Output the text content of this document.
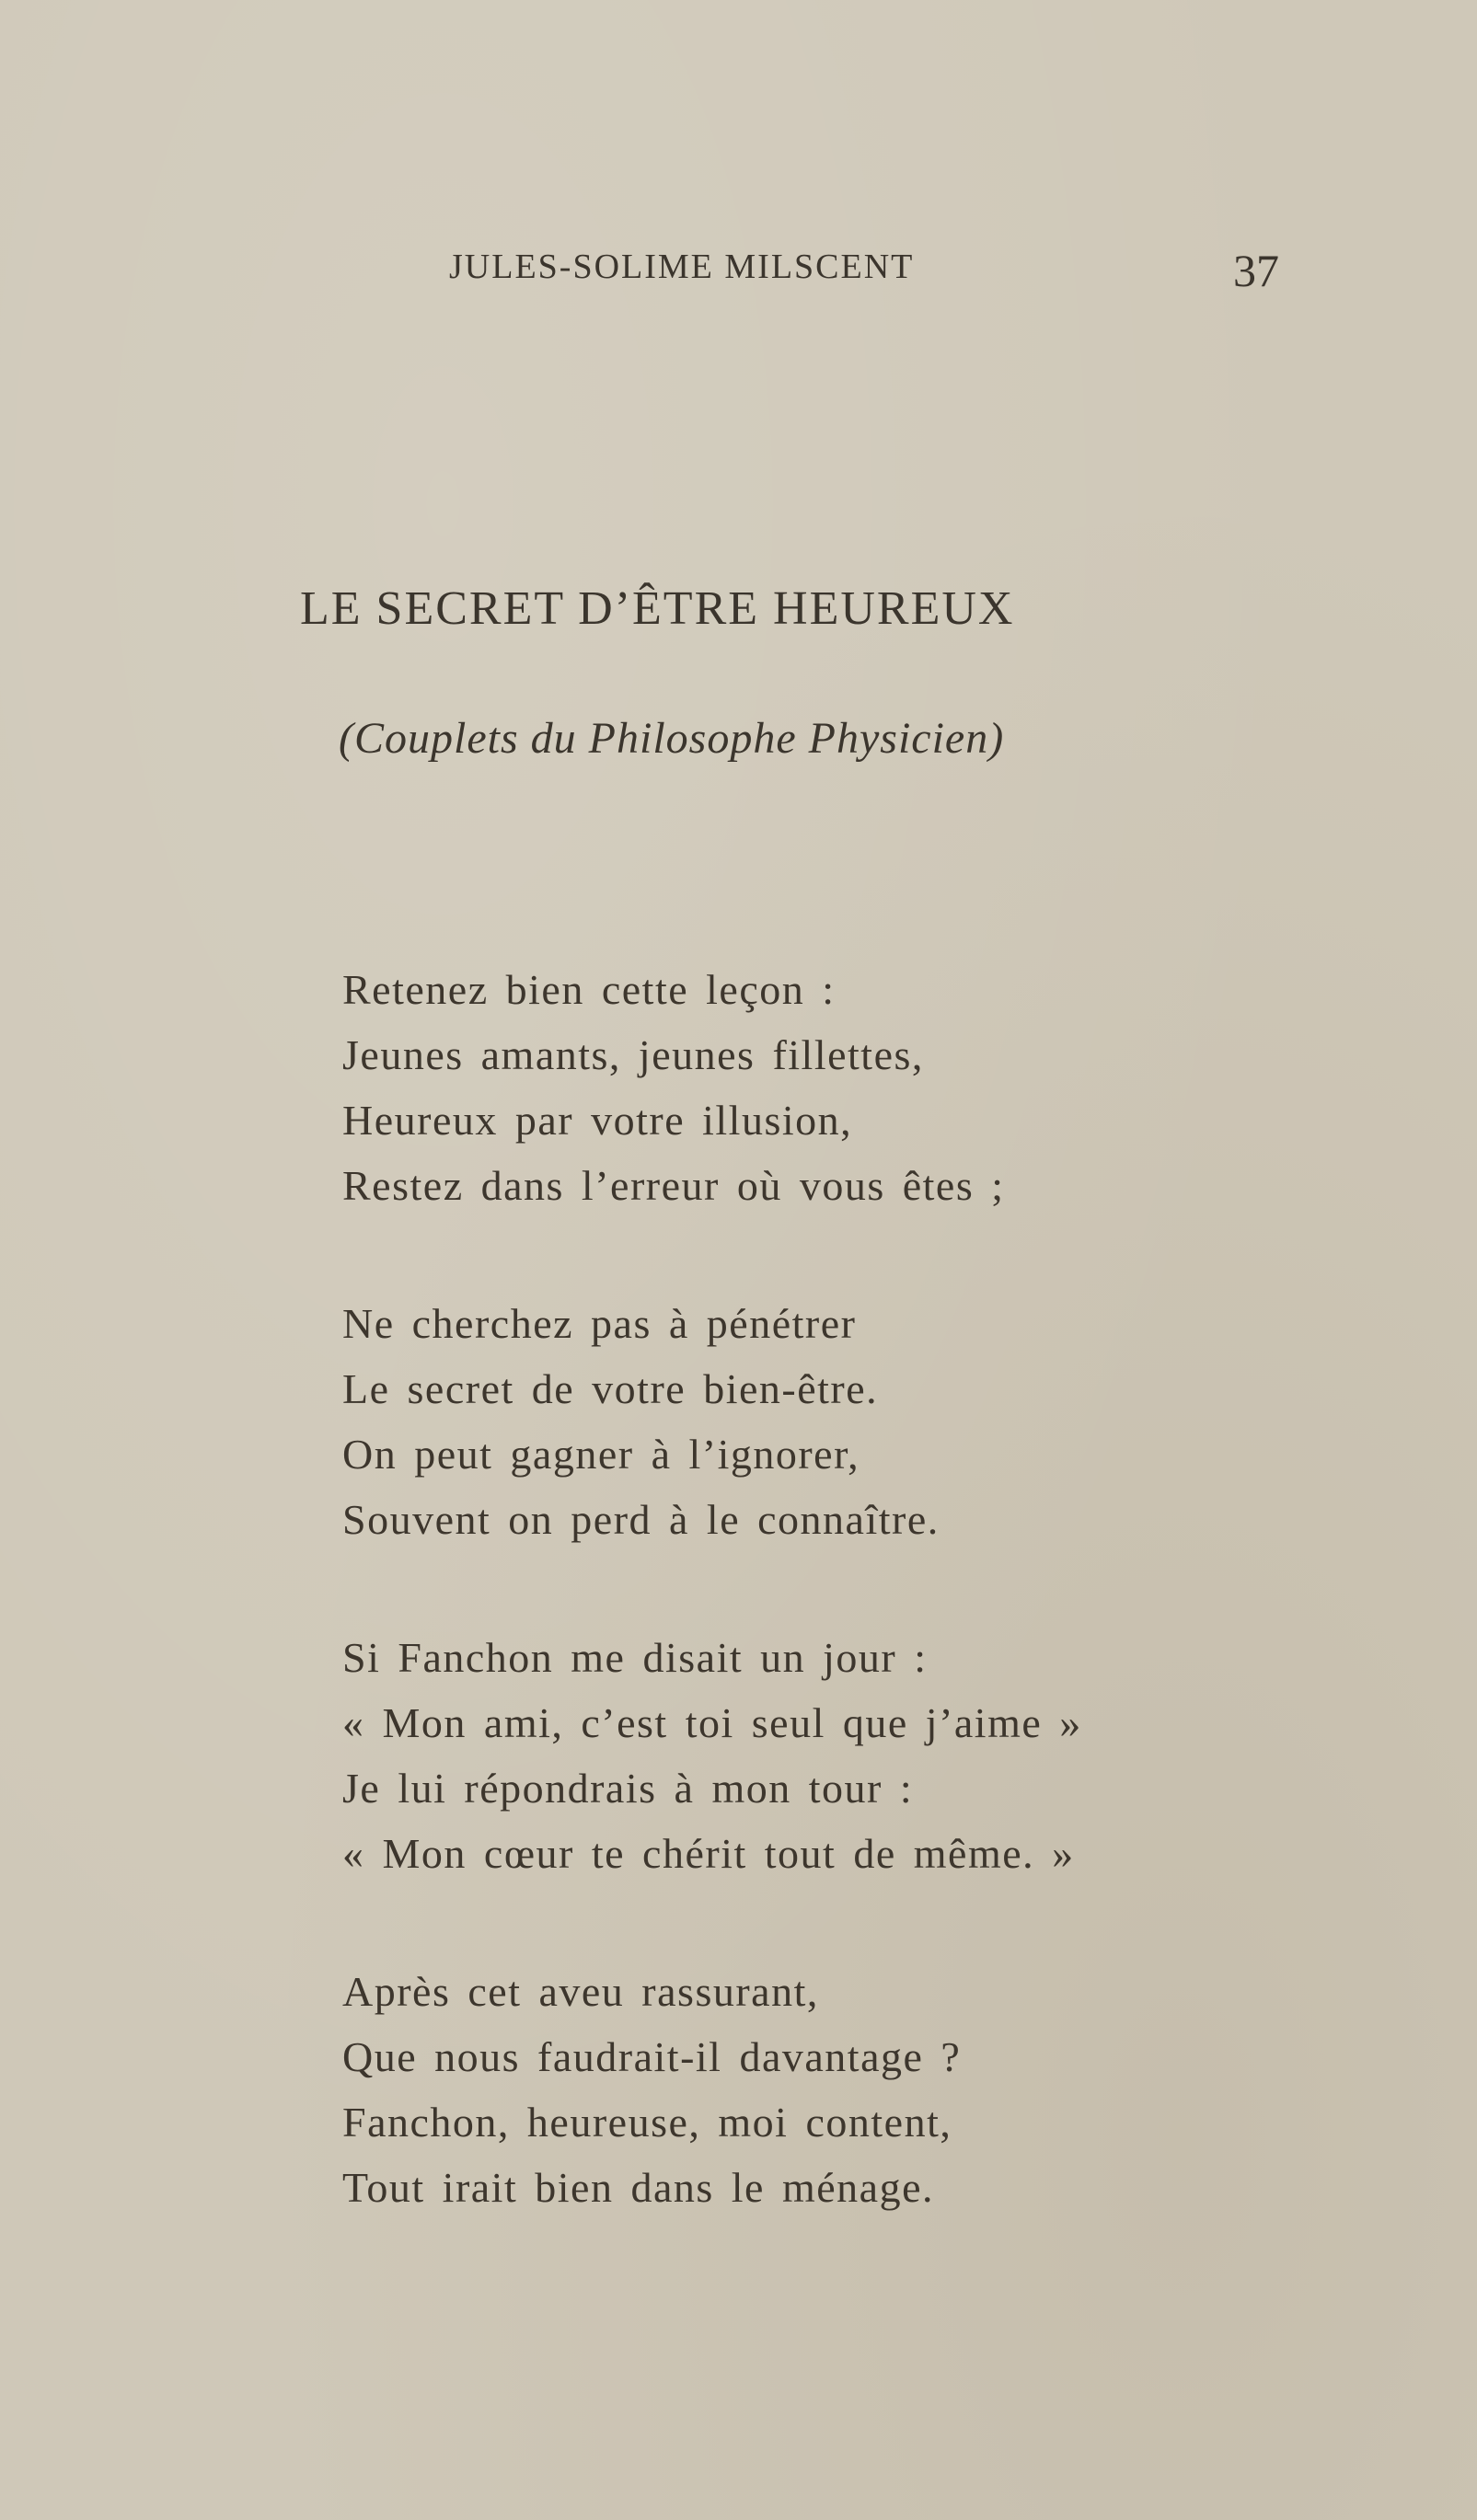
JULES-SOLIME MILSCENT	37
LE SECRET D’ÊTRE HEUREUX
(Couplets du Philosophe Physicien)
Retenez bien cette leçon :
Jeunes amants, jeunes fillettes,
Heureux par votre illusion,
Restez dans l’erreur où vous êtes ;
Ne cherchez pas à pénétrer
Le secret de votre bien-être.
On peut gagner à l’ignorer,
Souvent on perd à le connaître.
Si Fanchon me disait un jour :
« Mon ami, c’est toi seul que j’aime »
Je lui répondrais à mon tour :
« Mon cœur te chérit tout de même. »
Après cet aveu rassurant,
Que nous faudrait-il davantage ?
Fanchon, heureuse, moi content,
Tout irait bien dans le ménage.
